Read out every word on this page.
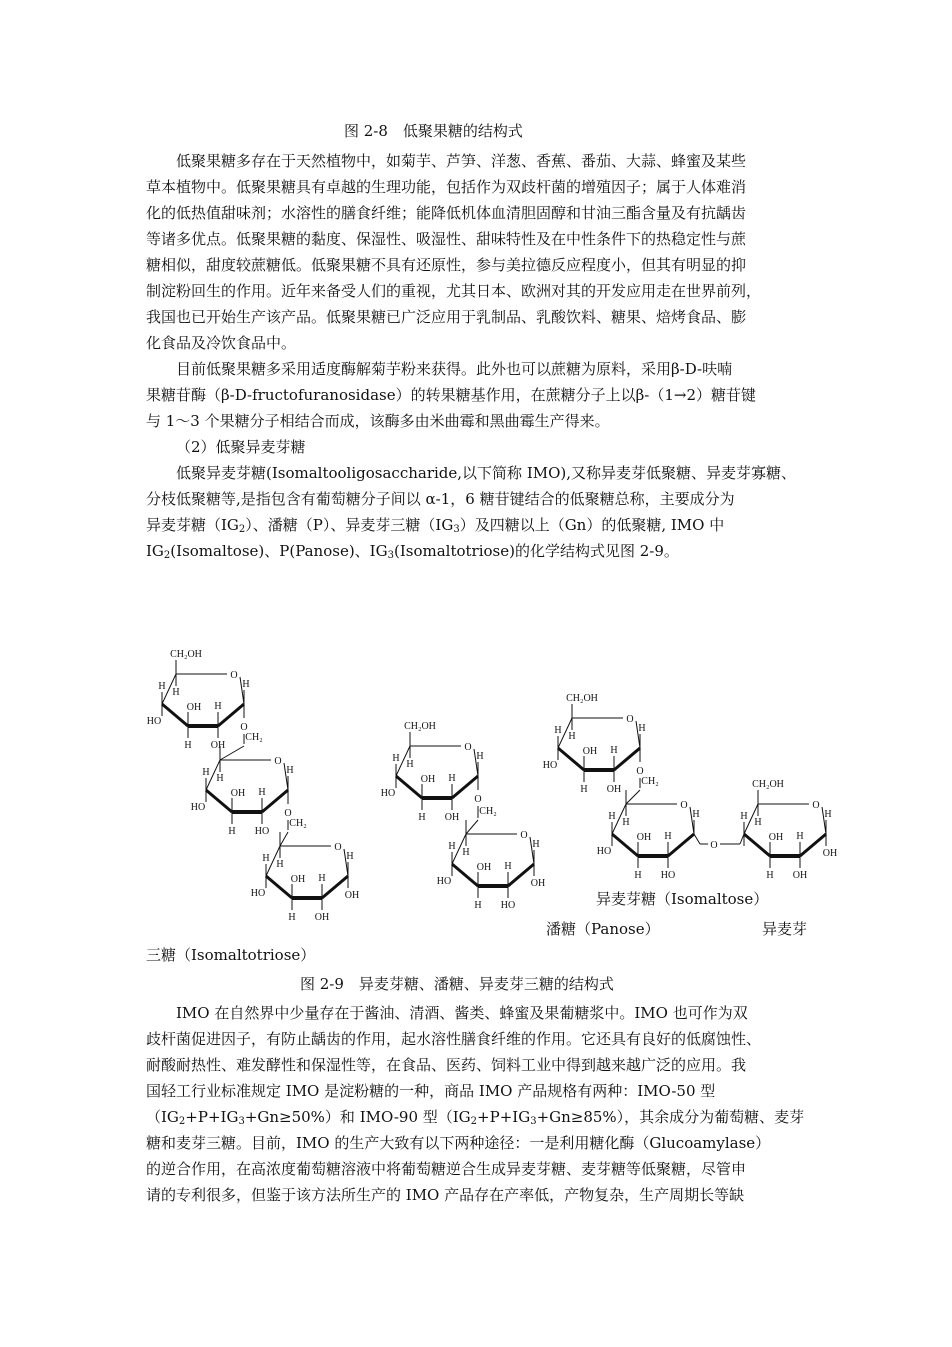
图 2-8　低聚果糖的结构式
低聚果糖多存在于天然植物中，如菊芋、芦笋、洋葱、香蕉、番茄、大蒜、蜂蜜及某些
草本植物中。低聚果糖具有卓越的生理功能，包括作为双歧杆菌的增殖因子；属于人体难消
化的低热值甜味剂；水溶性的膳食纤维；能降低机体血清胆固醇和甘油三酯含量及有抗龋齿
等诸多优点。低聚果糖的黏度、保湿性、吸湿性、甜味特性及在中性条件下的热稳定性与蔗
糖相似，甜度较蔗糖低。低聚果糖不具有还原性，参与美拉德反应程度小，但其有明显的抑
制淀粉回生的作用。近年来备受人们的重视，尤其日本、欧洲对其的开发应用走在世界前列，
我国也已开始生产该产品。低聚果糖已广泛应用于乳制品、乳酸饮料、糖果、焙烤食品、膨
化食品及冷饮食品中。
目前低聚果糖多采用适度酶解菊芋粉来获得。此外也可以蔗糖为原料，采用β-D-呋喃
果糖苷酶（β-D-fructofuranosidase）的转果糖基作用，在蔗糖分子上以β-（1→2）糖苷键
与 1～3 个果糖分子相结合而成，该酶多由米曲霉和黑曲霉生产得来。
（2）低聚异麦芽糖
低聚异麦芽糖(Isomaltooligosaccharide,以下简称 IMO),又称异麦芽低聚糖、异麦芽寡糖、
分枝低聚糖等,是指包含有葡萄糖分子间以 α-1，6 糖苷键结合的低聚糖总称，主要成分为
异麦芽糖$(IG_2)$、潘糖（P）、异麦芽三糖$(IG_3)$及四糖以上（Gn）的低聚糖, IMO 中
$IG_2(Isomaltose)$、P(Panose)、$IG_3(Isomaltotriose)$的化学结构式见图 2-9。
O
CH₂OH
H
H
HO
OH
H
H
OH
H
O
H
H
HO
OH
H
H
HO
H
O
CH₂
O
H
H
HO
OH
H
H
OH
H
OH
O
CH₂
O
CH₂OH
H
H
HO
OH
H
H
OH
H
O
H
H
HO
OH
H
H
HO
H
OH
O
CH₂
O
CH₂OH
H
H
HO
OH
H
H
OH
H
O
H
H
HO
OH
H
H
HO
H
O
CH₂
O
CH₂OH
H
H
OH
H
H
OH
H
OH
O
异麦芽糖（Isomaltose）
潘糖（Panose）	异麦芽
三糖（Isomaltotriose）
图 2-9　异麦芽糖、潘糖、异麦芽三糖的结构式
IMO 在自然界中少量存在于酱油、清酒、酱类、蜂蜜及果葡糖浆中。IMO 也可作为双
歧杆菌促进因子，有防止龋齿的作用，起水溶性膳食纤维的作用。它还具有良好的低腐蚀性、
耐酸耐热性、难发酵性和保湿性等，在食品、医药、饲料工业中得到越来越广泛的应用。我
国轻工行业标准规定 IMO 是淀粉糖的一种，商品 IMO 产品规格有两种：IMO-50 型
$(IG_2+P+IG_3+Gn\ge 50\%)$和 IMO-90 型$(IG_2+P+IG_3+Gn\ge 85\%)$，其余成分为葡萄糖、麦芽
糖和麦芽三糖。目前，IMO 的生产大致有以下两种途径：一是利用糖化酶（Glucoamylase）
的逆合作用，在高浓度葡萄糖溶液中将葡萄糖逆合生成异麦芽糖、麦芽糖等低聚糖，尽管申
请的专利很多，但鉴于该方法所生产的 IMO 产品存在产率低，产物复杂，生产周期长等缺
